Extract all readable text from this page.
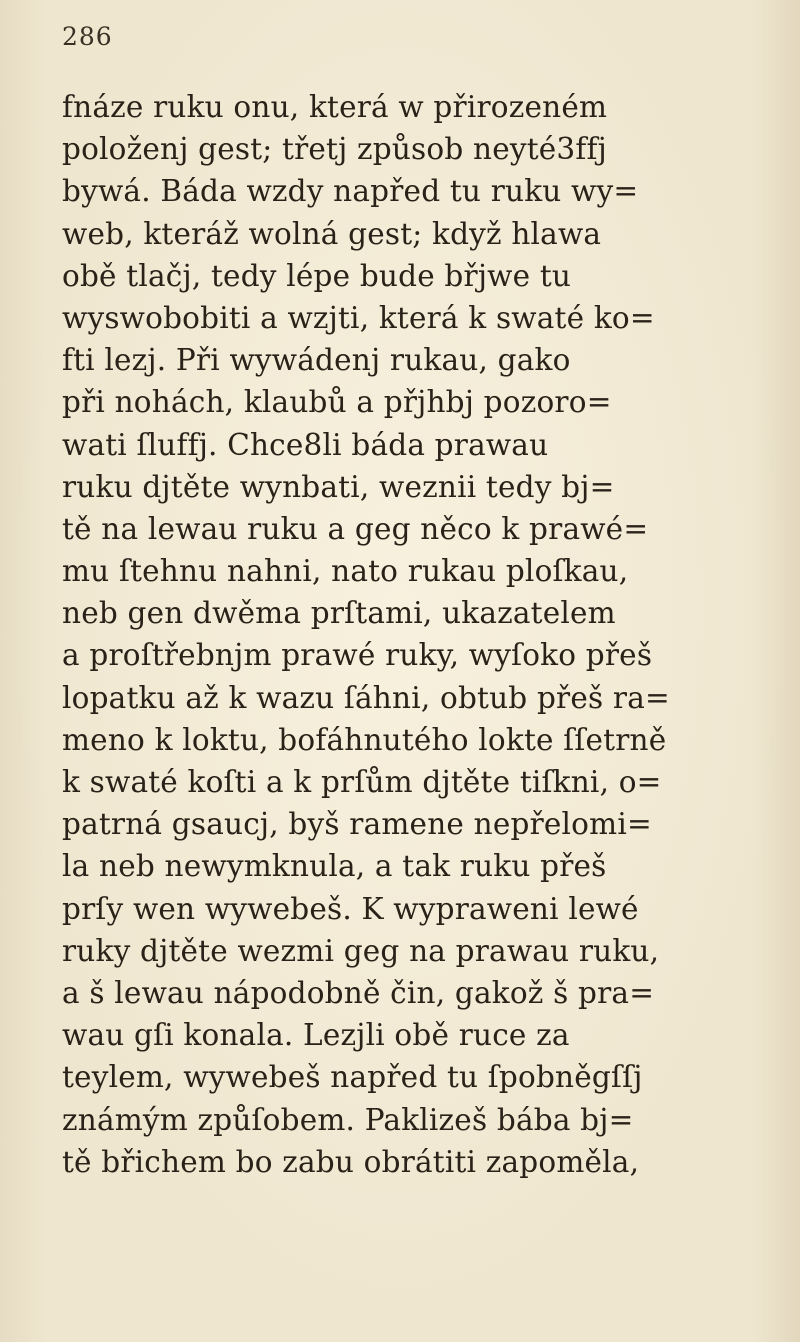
286
fnáze ruku onu, která w přirozeném
položenj gest; třetj způsob neyté3ffj
bywá. Báda wzdy napřed tu ruku wy=
web, kteráž wolná gest; když hlawa
obě tlačj, tedy lépe bude břjwe tu
wyswobobiti a wzjti, která k swaté ko=
fti lezj. Při wywádenj rukau, gako
při nohách, klaubů a přjhbj pozoro=
wati ſluffj. Chce8li báda prawau
ruku djtěte wynbati, weznii tedy bj=
tě na lewau ruku a geg něco k prawé=
mu ſtehnu nahni, nato rukau ploſkau,
neb gen dwěma prſtami, ukazatelem
a proſtřebnjm prawé ruky, wyſoko přeš
lopatku až k wazu ſáhni, obtub přeš ra=
meno k loktu, bofáhnutého lokte ſſetrně
k swaté koſti a k prſům djtěte tiſkni, o=
patrná gsaucj, byš ramene nepřelomi=
la neb newymknula, a tak ruku přeš
prſy wen wywebeš. K wypraweni lewé
ruky djtěte wezmi geg na prawau ruku,
a š lewau nápodobně čin, gakož š pra=
wau gſi konala. Lezjli obě ruce za
teylem, wywebeš napřed tu ſpobněgſſj
známým způſobem. Paklizeš bába bj=
tě břichem bo zabu obrátiti zapoměla,
